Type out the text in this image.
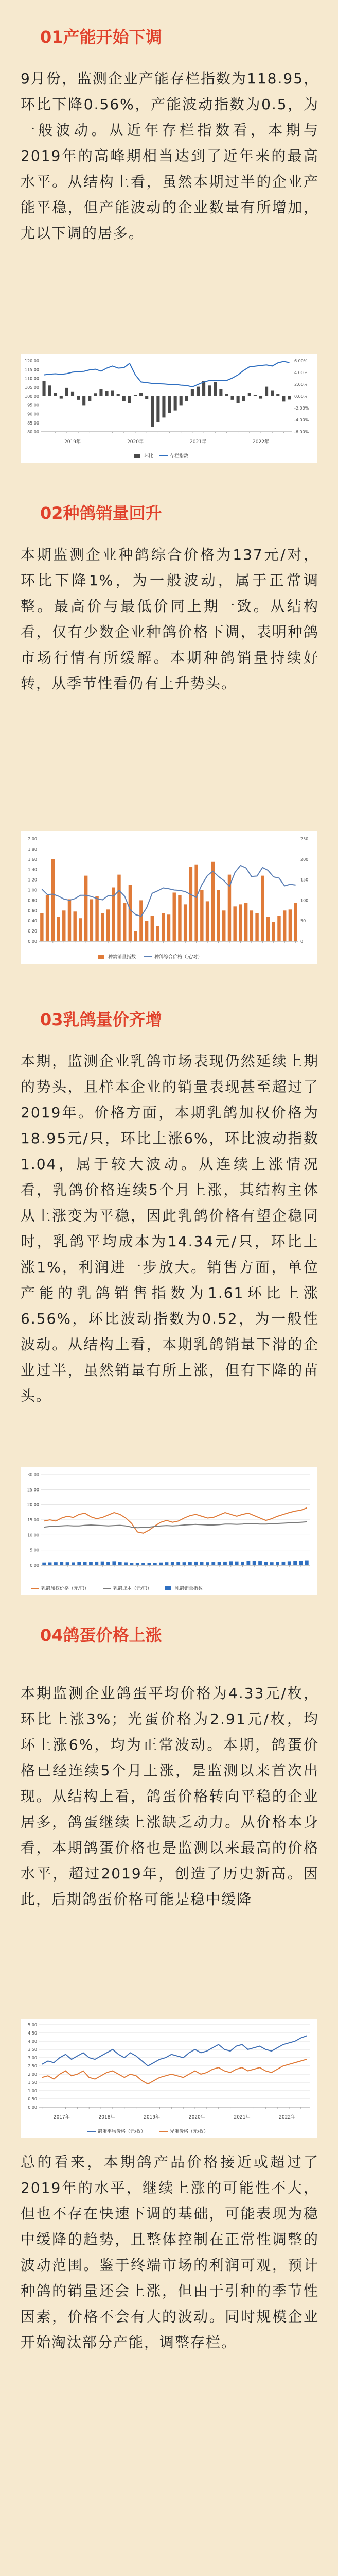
01产能开始下调
9月份，监测企业产能存栏指数为118.95，环比下降0.56%，产能波动指数为0.5，为一般波动。从近年存栏指数看，本期与2019年的高峰期相当达到了近年来的最高水平。从结构上看，虽然本期过半的企业产能平稳，但产能波动的企业数量有所增加，尤以下调的居多。
120.00
115.00
110.00
105.00
100.00
95.00
90.00
85.00
80.00
6.00%
4.00%
2.00%
0.00%
-2.00%
-4.00%
-6.00%
2019年	2020年	2021年	2022年
环比	存栏指数
02种鸽销量回升
本期监测企业种鸽综合价格为137元/对，环比下降1%，为一般波动，属于正常调整。最高价与最低价同上期一致。从结构看，仅有少数企业种鸽价格下调，表明种鸽市场行情有所缓解。本期种鸽销量持续好转，从季节性看仍有上升势头。
2.00
1.80
1.60
1.40
1.20
1.00
0.80
0.60
0.40
0.20
0.00
250
200
150
100
50
0
种鸽销量指数	种鸽综合价格（元/对）
03乳鸽量价齐增
本期，监测企业乳鸽市场表现仍然延续上期的势头，且样本企业的销量表现甚至超过了2019年。价格方面，本期乳鸽加权价格为18.95元/只，环比上涨6%，环比波动指数1.04，属于较大波动。从连续上涨情况看，乳鸽价格连续5个月上涨，其结构主体从上涨变为平稳，因此乳鸽价格有望企稳同时，乳鸽平均成本为14.34元/只，环比上涨1%，利润进一步放大。销售方面，单位产能的乳鸽销售指数为1.61环比上涨6.56%，环比波动指数为0.52，为一般性波动。从结构上看，本期乳鸽销量下滑的企业过半，虽然销量有所上涨，但有下降的苗头。
30.00
25.00
20.00
15.00
10.00
5.00
0.00
乳鸽加权价格（元/只）	乳鸽成本（元/只）	乳鸽销量指数
04鸽蛋价格上涨
本期监测企业鸽蛋平均价格为4.33元/枚，环比上涨3%；光蛋价格为2.91元/枚，均环上涨6%，均为正常波动。本期，鸽蛋价格已经连续5个月上涨，是监测以来首次出现。从结构上看，鸽蛋价格转向平稳的企业居多，鸽蛋继续上涨缺乏动力。从价格本身看，本期鸽蛋价格也是监测以来最高的价格水平，超过2019年，创造了历史新高。因此，后期鸽蛋价格可能是稳中缓降
5.00
4.50
4.00
3.50
3.00
2.50
2.00
1.50
1.00
0.50
0.00
2017年	2018年	2019年	2020年	2021年	2022年
鸽蛋平均价格（元/枚）	光蛋价格（元/枚）
总的看来，本期鸽产品价格接近或超过了2019年的水平，继续上涨的可能性不大，但也不存在快速下调的基础，可能表现为稳中缓降的趋势，且整体控制在正常性调整的波动范围。鉴于终端市场的利润可观，预计种鸽的销量还会上涨，但由于引种的季节性因素，价格不会有大的波动。同时规模企业开始淘汰部分产能，调整存栏。
